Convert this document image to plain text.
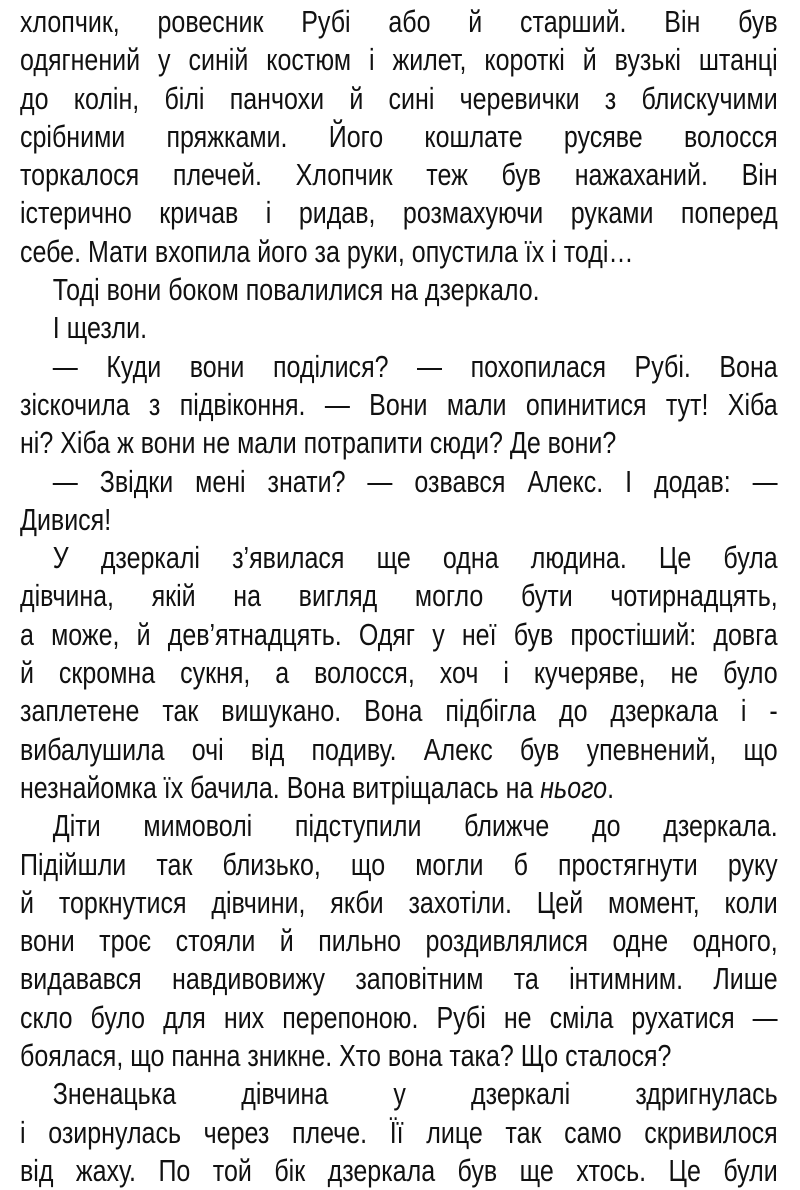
хлопчик, ровесник Рубі або й старший. Він був
одягнений у синій костюм і жилет, короткі й вузькі штанці
до колін, білі панчохи й сині черевички з блискучими
срібними пряжками. Його кошлате русяве волосся
торкалося плечей. Хлопчик теж був нажаханий. Він
істерично кричав і ридав, розмахуючи руками поперед
себе. Мати вхопила його за руки, опустила їх і тоді…
Тоді вони боком повалилися на дзеркало.
І щезли.
— Куди вони поділися? — похопилася Рубі. Вона
зіскочила з підвіконня. — Вони мали опинитися тут! Хіба
ні? Хіба ж вони не мали потрапити сюди? Де вони?
— Звідки мені знати? — озвався Алекс. І додав: —
Дивися!
У дзеркалі з’явилася ще одна людина. Це була
дівчина, якій на вигляд могло бути чотирнадцять,
а може, й дев’ятнадцять. Одяг у неї був простіший: довга
й скромна сукня, а волосся, хоч і кучеряве, не було
заплетене так вишукано. Вона підбігла до дзеркала і -
вибалушила очі від подиву. Алекс був упевнений, що
незнайомка їх бачила. Вона витріщалась на нього.
Діти мимоволі підступили ближче до дзеркала.
Підійшли так близько, що могли б простягнути руку
й торкнутися дівчини, якби захотіли. Цей момент, коли
вони троє стояли й пильно роздивлялися одне одного,
видавався навдивовижу заповітним та інтимним. Лише
скло було для них перепоною. Рубі не сміла рухатися —
боялася, що панна зникне. Хто вона така? Що сталося?
Зненацька дівчина у дзеркалі здригнулась
і озирнулась через плече. Її лице так само скривилося
від жаху. По той бік дзеркала був ще хтось. Це були
